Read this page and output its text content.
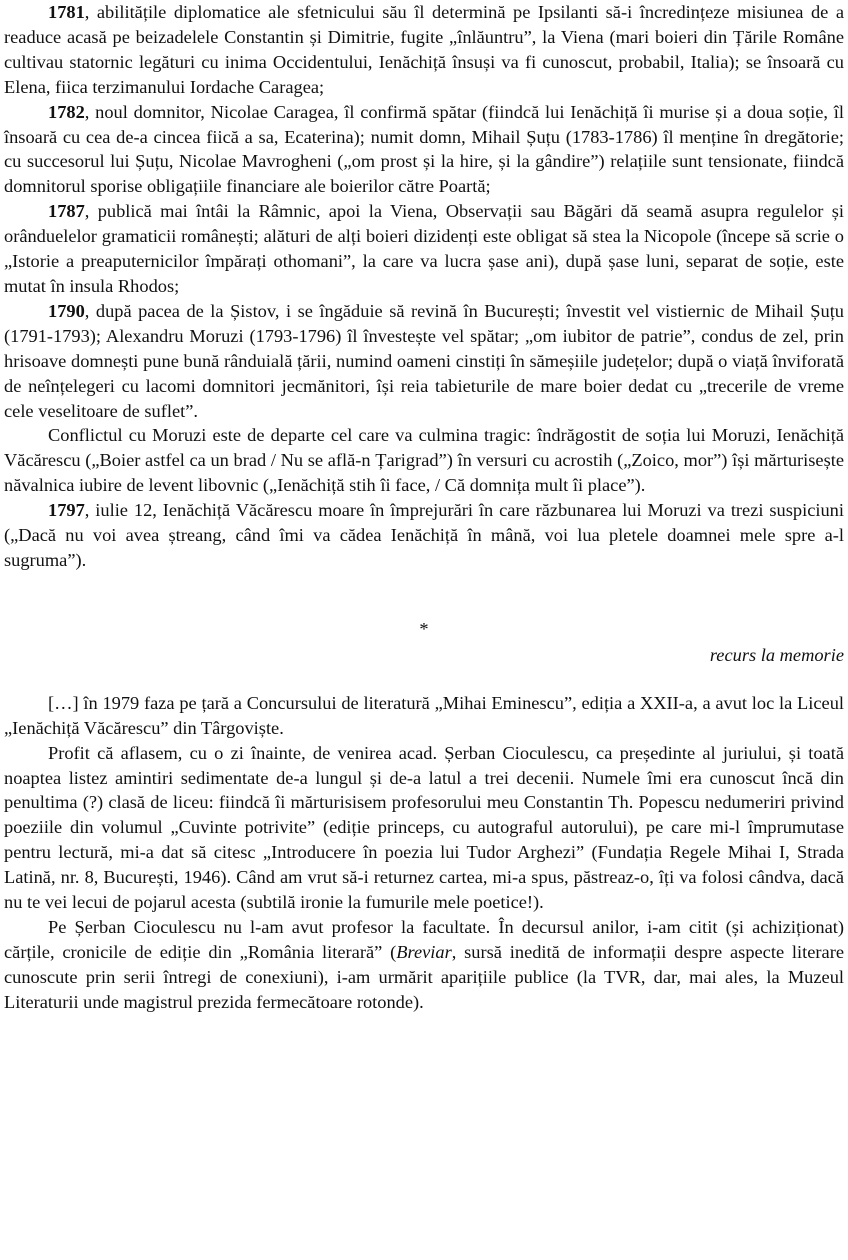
1781, abilitățile diplomatice ale sfetnicului său îl determină pe Ipsilanti să-i încredințeze misiunea de a readuce acasă pe beizadelele Constantin și Dimitrie, fugite „înlăuntru”, la Viena (mari boieri din Țările Române cultivau statornic legături cu inima Occidentului, Ienăchiță însuși va fi cunoscut, probabil, Italia); se însoară cu Elena, fiica terzimanului Iordache Caragea;

1782, noul domnitor, Nicolae Caragea, îl confirmă spătar (fiindcă lui Ienăchiță îi murise și a doua soție, îl însoară cu cea de-a cincea fiică a sa, Ecaterina); numit domn, Mihail Șuțu (1783-1786) îl menține în dregătorie; cu succesorul lui Șuțu, Nicolae Mavrogheni („om prost și la hire, și la gândire”) relațiile sunt tensionate, fiindcă domnitorul sporise obligațiile financiare ale boierilor către Poartă;

1787, publică mai întâi la Râmnic, apoi la Viena, Observații sau Băgări dă seamă asupra regulelor și orânduelelor gramaticii românești; alături de alți boieri dizidenți este obligat să stea la Nicopole (începe să scrie o „Istorie a preaputernicilor împărați othomani”, la care va lucra șase ani), după șase luni, separat de soție, este mutat în insula Rhodos;

1790, după pacea de la Șistov, i se îngăduie să revină în București; învestit vel vistiernic de Mihail Șuțu (1791-1793); Alexandru Moruzi (1793-1796) îl învestește vel spătar; „om iubitor de patrie”, condus de zel, prin hrisoave domnești pune bună rânduială țării, numind oameni cinstiți în sămeșiile județelor; după o viață înviforată de neînțelegeri cu lacomi domnitori jecmănitori, își reia tabieturile de mare boier dedat cu „trecerile de vreme cele veselitoare de suflet”.

Conflictul cu Moruzi este de departe cel care va culmina tragic: îndrăgostit de soția lui Moruzi, Ienăchiță Văcărescu („Boier astfel ca un brad / Nu se află-n Țarigrad”) în versuri cu acrostih („Zoico, mor”) își mărturisește năvalnica iubire de levent libovnic („Ienăchiță stih îi face, / Că domnița mult îi place”).

1797, iulie 12, Ienăchiță Văcărescu moare în împrejurări în care răzbunarea lui Moruzi va trezi suspiciuni („Dacă nu voi avea ștreang, când îmi va cădea Ienăchiță în mână, voi lua pletele doamnei mele spre a-l sugruma”).

*
recurs la memorie

[…] în 1979 faza pe țară a Concursului de literatură „Mihai Eminescu”, ediția a XXII-a, a avut loc la Liceul „Ienăchiță Văcărescu” din Târgoviște.

Profit că aflasem, cu o zi înainte, de venirea acad. Șerban Cioculescu, ca președinte al juriului, și toată noaptea listez amintiri sedimentate de-a lungul și de-a latul a trei decenii. Numele îmi era cunoscut încă din penultima (?) clasă de liceu: fiindcă îi mărturisisem profesorului meu Constantin Th. Popescu nedumeriri privind poeziile din volumul „Cuvinte potrivite” (ediție princeps, cu autograful autorului), pe care mi-l împrumutase pentru lectură, mi-a dat să citesc „Introducere în poezia lui Tudor Arghezi” (Fundația Regele Mihai I, Strada Latină, nr. 8, București, 1946). Când am vrut să-i returnez cartea, mi-a spus, păstreaz-o, îți va folosi cândva, dacă nu te vei lecui de pojarul acesta (subtilă ironie la fumurile mele poetice!).

Pe Șerban Cioculescu nu l-am avut profesor la facultate. În decursul anilor, i-am citit (și achiziționat) cărțile, cronicile de ediție din „România literară” (Breviar, sursă inedită de informații despre aspecte literare cunoscute prin serii întregi de conexiuni), i-am urmărit aparițiile publice (la TVR, dar, mai ales, la Muzeul Literaturii unde magistrul prezida fermecătoare rotonde).
